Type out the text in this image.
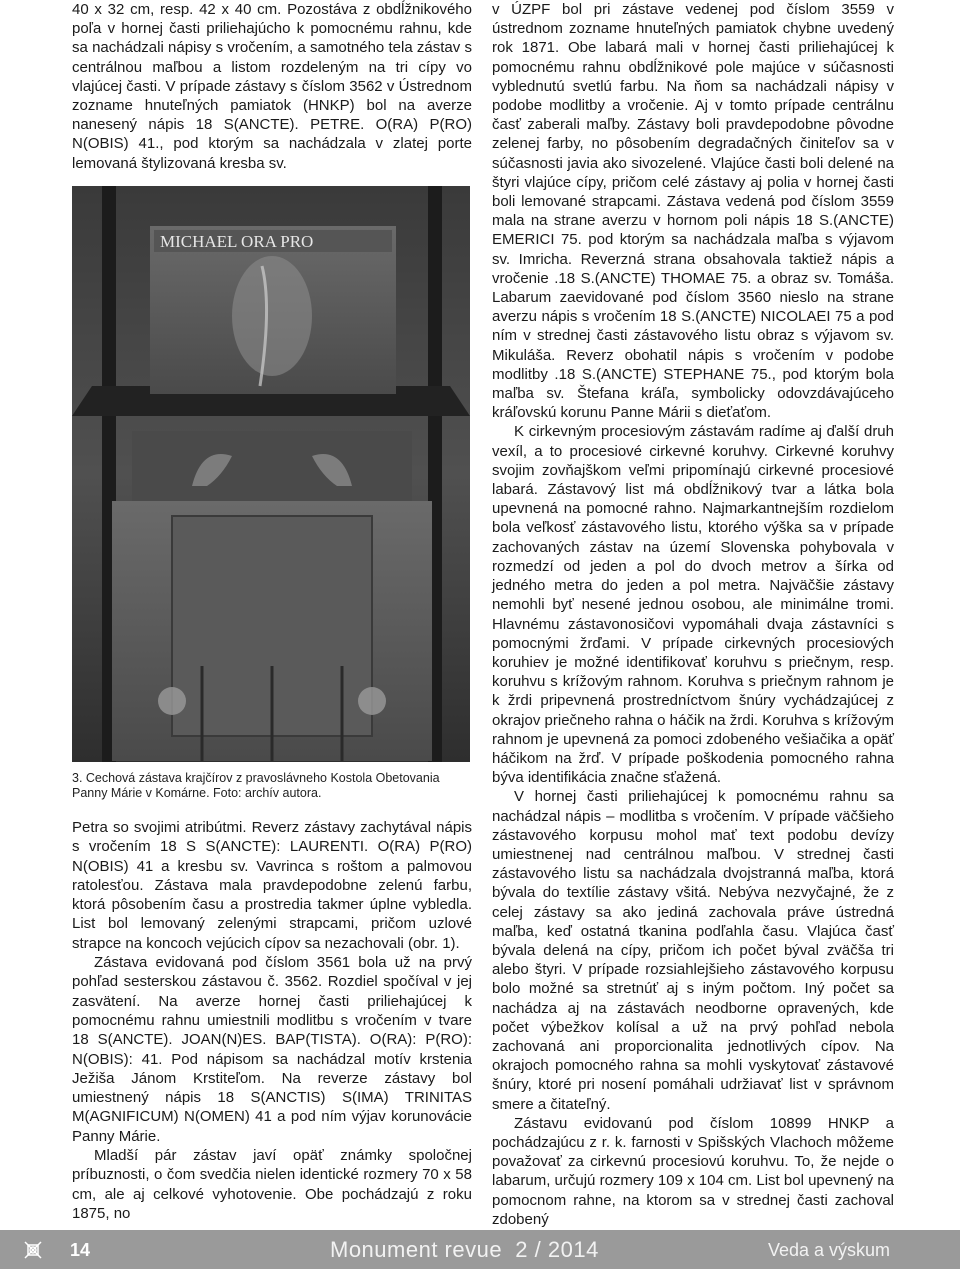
40 x 32 cm, resp. 42 x 40 cm. Pozostáva z obdĺžnikového poľa v hornej časti priliehajúcho k pomocnému rahnu, kde sa nachádzali nápisy s vročením, a samotného tela zástav s centrálnou maľbou a listom rozdeleným na tri cípy vo vlajúcej časti. V prípade zástavy s číslom 3562 v Ústrednom zozname hnuteľných pamiatok (HNKP) bol na averze nanesený nápis 18 S(ANCTE). PETRE. O(RA) P(RO) N(OBIS) 41., pod ktorým sa nachádzala v zlatej porte lemovaná štylizovaná kresba sv.

MICHAEL ORA PRO
3. Cechová zástava krajčírov z pravoslávneho Kostola Obetovania Panny Márie v Komárne. Foto: archív autora.

Petra so svojimi atribútmi. Reverz zástavy zachytával nápis s vročením 18 S S(ANCTE): LAURENTI. O(RA) P(RO) N(OBIS) 41 a kresbu sv. Vavrinca s roštom a palmovou ratolesťou. Zástava mala pravdepodobne zelenú farbu, ktorá pôsobením času a prostredia takmer úplne vybledla. List bol lemovaný zelenými strapcami, pričom uzlové strapce na koncoch vejúcich cípov sa nezachovali (obr. 1).

Zástava evidovaná pod číslom 3561 bola už na prvý pohľad sesterskou zástavou č. 3562. Rozdiel spočíval v jej zasvätení. Na averze hornej časti priliehajúcej k pomocnému rahnu umiestnili modlitbu s vročením v tvare 18 S(ANCTE). JOAN(N)ES. BAP(TISTA). O(RA): P(RO): N(OBIS): 41. Pod nápisom sa nachádzal motív krstenia Ježiša Jánom Krstiteľom. Na reverze zástavy bol umiestnený nápis 18 S(ANCTIS) S(IMA) TRINITAS M(AGNIFICUM) N(OMEN) 41 a pod ním výjav korunovácie Panny Márie.

Mladší pár zástav javí opäť známky spoločnej príbuznosti, o čom svedčia nielen identické rozmery 70 x 58 cm, ale aj celkové vyhotovenie. Obe pochádzajú z roku 1875, no

v ÚZPF bol pri zástave vedenej pod číslom 3559 v ústrednom zozname hnuteľných pamiatok chybne uvedený rok 1871. Obe labará mali v hornej časti priliehajúcej k pomocnému rahnu obdĺžnikové pole majúce v súčasnosti vyblednutú svetlú farbu. Na ňom sa nachádzali nápisy v podobe modlitby a vročenie. Aj v tomto prípade centrálnu časť zaberali maľby. Zástavy boli pravdepodobne pôvodne zelenej farby, no pôsobením degradačných činiteľov sa v súčasnosti javia ako sivozelené. Vlajúce časti boli delené na štyri vlajúce cípy, pričom celé zástavy aj polia v hornej časti boli lemované strapcami. Zástava vedená pod číslom 3559 mala na strane averzu v hornom poli nápis 18 S.(ANCTE) EMERICI 75. pod ktorým sa nachádzala maľba s výjavom sv. Imricha. Reverzná strana obsahovala taktiež nápis a vročenie .18 S.(ANCTE) THOMAE 75. a obraz sv. Tomáša. Labarum zaevidované pod číslom 3560 nieslo na strane averzu nápis s vročením 18 S.(ANCTE) NICOLAEI 75 a pod ním v strednej časti zástavového listu obraz s výjavom sv. Mikuláša. Reverz obohatil nápis s vročením v podobe modlitby .18 S.(ANCTE) STEPHANE 75., pod ktorým bola maľba sv. Štefana kráľa, symbolicky odovzdávajúceho kráľovskú korunu Panne Márii s dieťaťom.

K cirkevným procesiovým zástavám radíme aj ďalší druh vexíl, a to procesiové cirkevné koruhvy. Cirkevné koruhvy svojim zovňajškom veľmi pripomínajú cirkevné procesiové labará. Zástavový list má obdĺžnikový tvar a látka bola upevnená na pomocné rahno. Najmarkantnejším rozdielom bola veľkosť zástavového listu, ktorého výška sa v prípade zachovaných zástav na území Slovenska pohybovala v rozmedzí od jeden a pol do dvoch metrov a šírka od jedného metra do jeden a pol metra. Najväčšie zástavy nemohli byť nesené jednou osobou, ale minimálne tromi. Hlavnému zástavonosičovi vypomáhali dvaja zástavníci s pomocnými žrďami. V prípade cirkevných procesiových koruhiev je možné identifikovať koruhvu s priečnym, resp. koruhvu s krížovým rahnom. Koruhva s priečnym rahnom je k žrdi pripevnená prostredníctvom šnúry vychádzajúcej z okrajov priečneho rahna o háčik na žrdi. Koruhva s krížovým rahnom je upevnená za pomoci zdobeného vešiačika a opäť háčikom na žrď. V prípade poškodenia pomocného rahna býva identifikácia značne sťažená.

V hornej časti priliehajúcej k pomocnému rahnu sa nachádzal nápis – modlitba s vročením. V prípade väčšieho zástavového korpusu mohol mať text podobu devízy umiestnenej nad centrálnou maľbou. V strednej časti zástavového listu sa nachádzala dvojstranná maľba, ktorá bývala do textílie zástavy všitá. Nebýva nezvyčajné, že z celej zástavy sa ako jediná zachovala práve ústredná maľba, keď ostatná tkanina podľahla času. Vlajúca časť bývala delená na cípy, pričom ich počet býval zväčša tri alebo štyri. V prípade rozsiahlejšieho zástavového korpusu bolo možné sa stretnúť aj s iným počtom. Iný počet sa nachádza aj na zástavách neodborne opravených, kde počet výbežkov kolísal a už na prvý pohľad nebola zachovaná ani proporcionalita jednotlivých cípov. Na okrajoch pomocného rahna sa mohli vyskytovať zástavové šnúry, ktoré pri nosení pomáhali udržiavať list v správnom smere a čitateľný.

Zástavu evidovanú pod číslom 10899 HNKP a pochádzajúcu z r. k. farnosti v Spišských Vlachoch môžeme považovať za cirkevnú procesiovú koruhvu. To, že nejde o labarum, určujú rozmery 109 x 104 cm. List bol upevnený na pomocnom rahne, na ktorom sa v strednej časti zachoval zdobený

14	Monument revue  2 / 2014	Veda a výskum
